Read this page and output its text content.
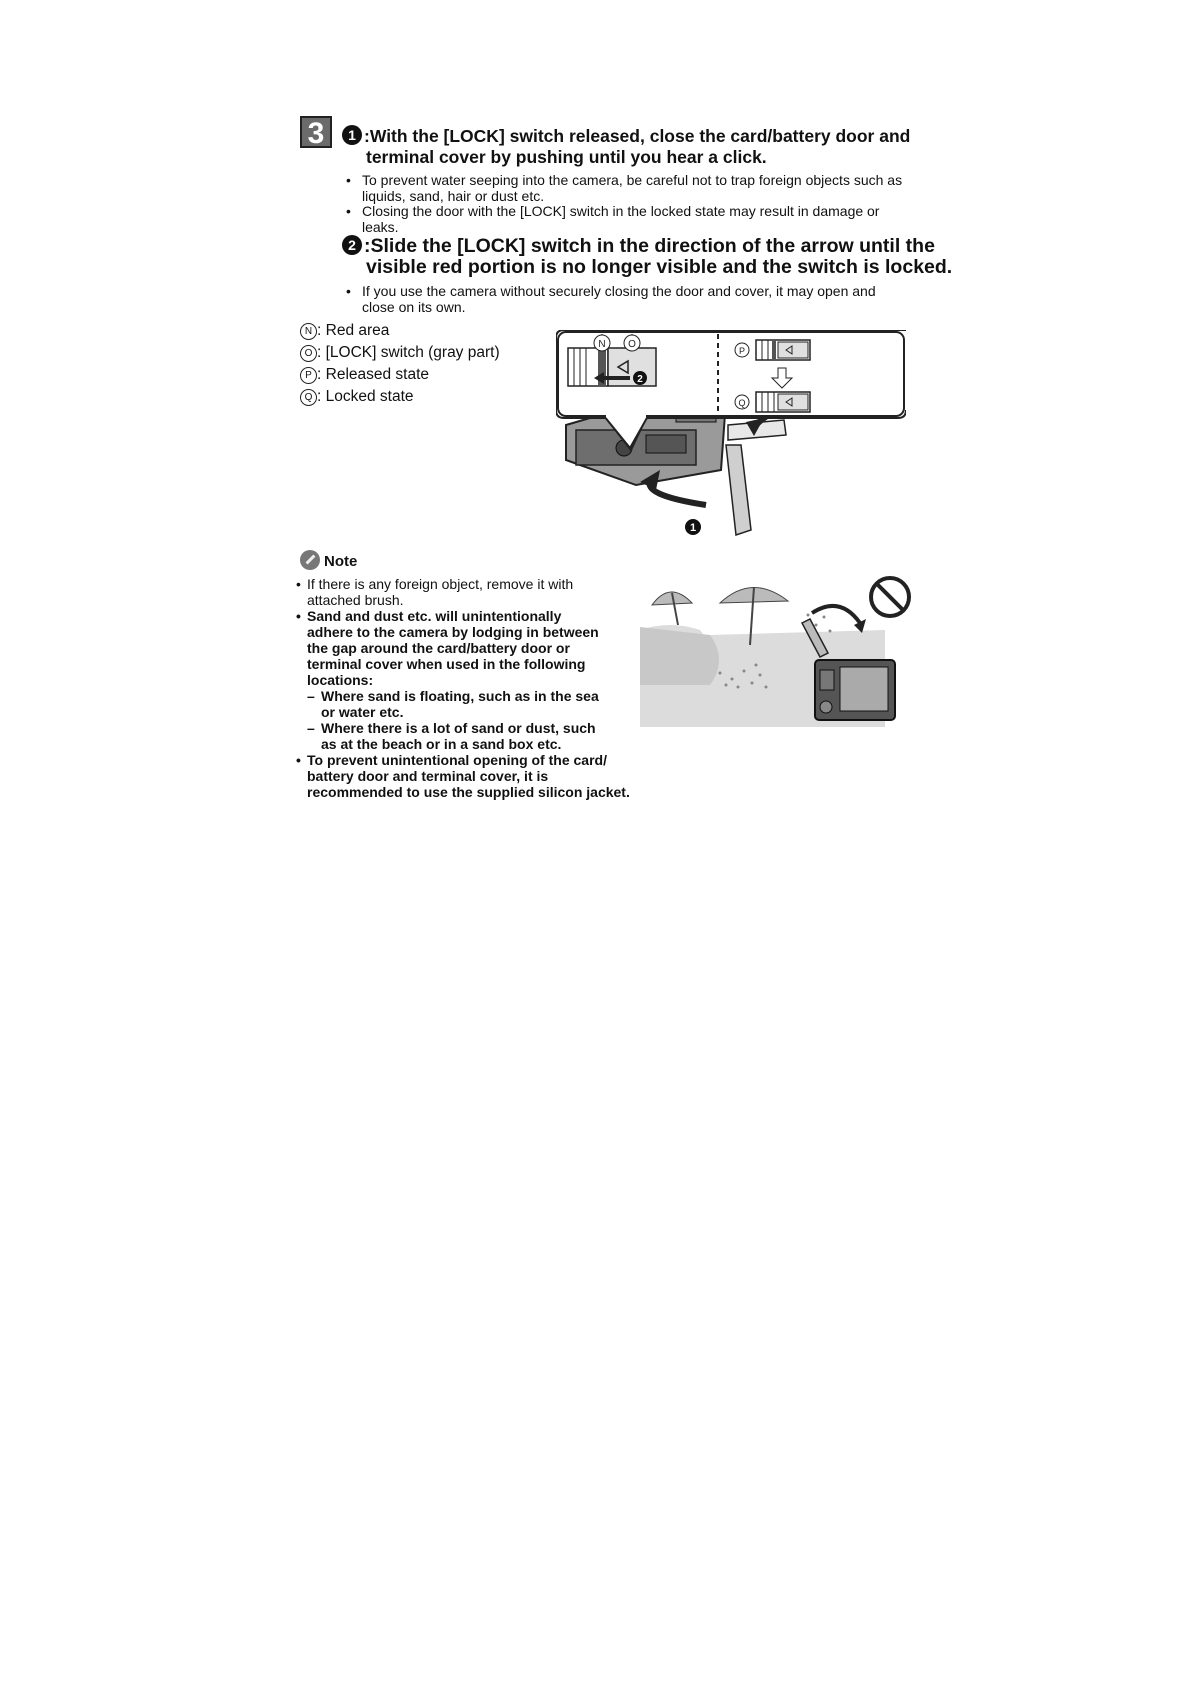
3	1 :With the [LOCK] switch released, close the card/battery door and
terminal cover by pushing until you hear a click.
• To prevent water seeping into the camera, be careful not to trap foreign objects such as
liquids, sand, hair or dust etc.
• Closing the door with the [LOCK] switch in the locked state may result in damage or
leaks.
2 :Slide the [LOCK] switch in the direction of the arrow until the
visible red portion is no longer visible and the switch is locked.
• If you use the camera without securely closing the door and cover, it may open and
close on its own.
N : Red area
O : [LOCK] switch (gray part)
P : Released state
Q : Locked state
1
2
P
Q
N O
Note
• If there is any foreign object, remove it with
attached brush.
• Sand and dust etc. will unintentionally
adhere to the camera by lodging in between
the gap around the card/battery door or
terminal cover when used in the following
locations:
– Where sand is floating, such as in the sea
or water etc.
– Where there is a lot of sand or dust, such
as at the beach or in a sand box etc.
• To prevent unintentional opening of the card/
battery door and terminal cover, it is
recommended to use the supplied silicon jacket.
